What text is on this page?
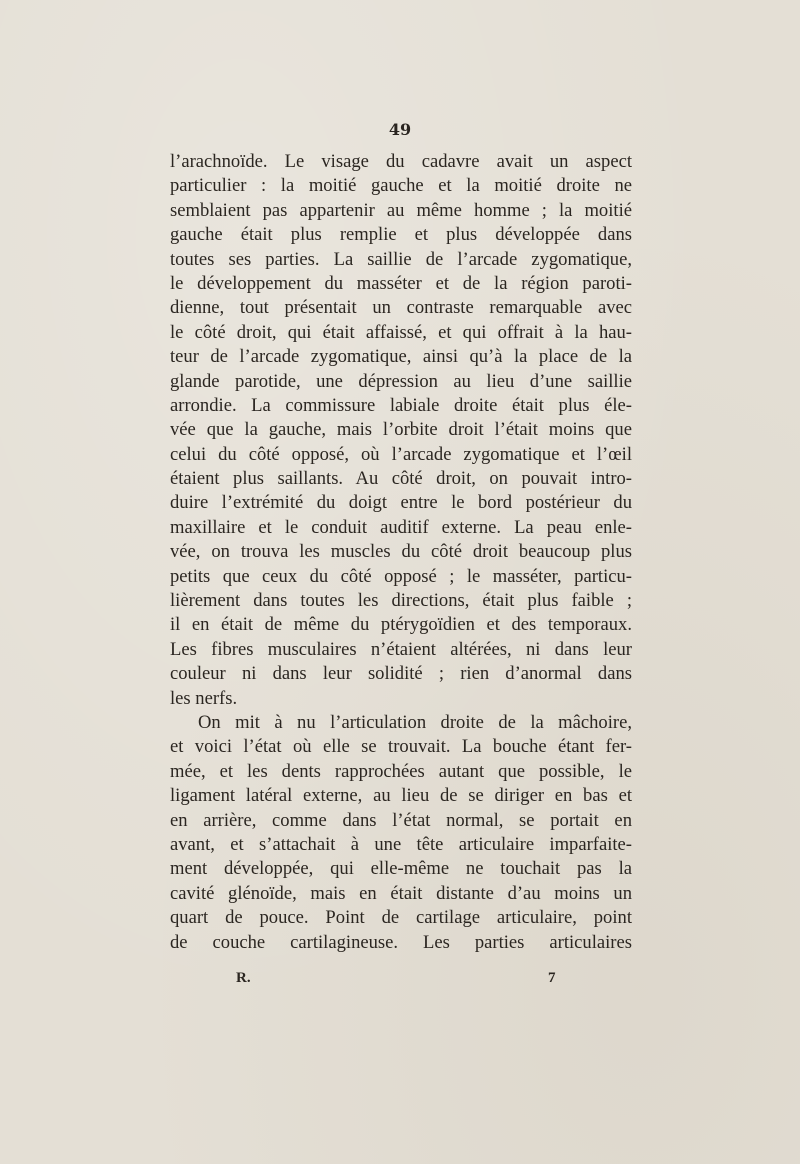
49
l’arachnoïde. Le visage du cadavre avait un aspect
particulier : la moitié gauche et la moitié droite ne
semblaient pas appartenir au même homme ; la moitié
gauche était plus remplie et plus développée dans
toutes ses parties. La saillie de l’arcade zygomatique,
le développement du masséter et de la région paroti-
dienne, tout présentait un contraste remarquable avec
le côté droit, qui était affaissé, et qui offrait à la hau-
teur de l’arcade zygomatique, ainsi qu’à la place de la
glande parotide, une dépression au lieu d’une saillie
arrondie. La commissure labiale droite était plus éle-
vée que la gauche, mais l’orbite droit l’était moins que
celui du côté opposé, où l’arcade zygomatique et l’œil
étaient plus saillants. Au côté droit, on pouvait intro-
duire l’extrémité du doigt entre le bord postérieur du
maxillaire et le conduit auditif externe. La peau enle-
vée, on trouva les muscles du côté droit beaucoup plus
petits que ceux du côté opposé ; le masséter, particu-
lièrement dans toutes les directions, était plus faible ;
il en était de même du ptérygoïdien et des temporaux.
Les fibres musculaires n’étaient altérées, ni dans leur
couleur ni dans leur solidité ; rien d’anormal dans
les nerfs.
On mit à nu l’articulation droite de la mâchoire,
et voici l’état où elle se trouvait. La bouche étant fer-
mée, et les dents rapprochées autant que possible, le
ligament latéral externe, au lieu de se diriger en bas et
en arrière, comme dans l’état normal, se portait en
avant, et s’attachait à une tête articulaire imparfaite-
ment développée, qui elle-même ne touchait pas la
cavité glénoïde, mais en était distante d’au moins un
quart de pouce. Point de cartilage articulaire, point
de couche cartilagineuse. Les parties articulaires
R.	7
